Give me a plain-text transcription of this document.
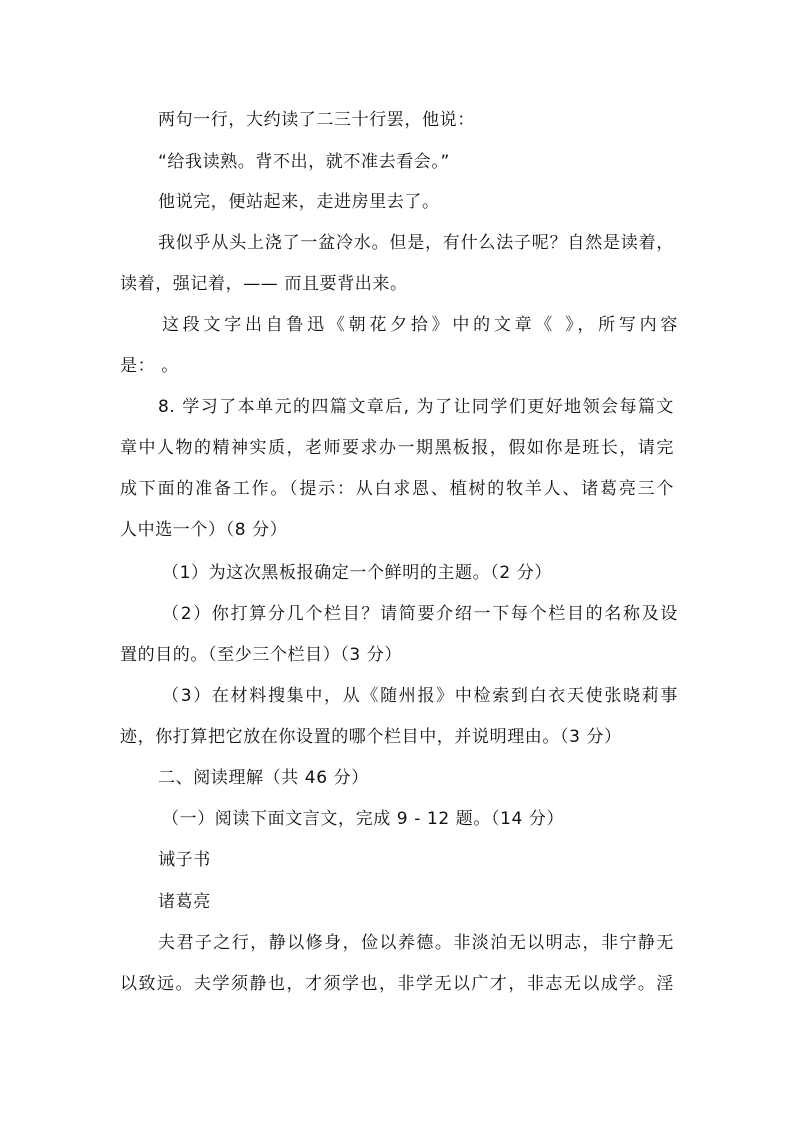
两句一行，大约读了二三十行罢，他说：
“给我读熟。背不出，就不准去看会。”
他说完，便站起来，走进房里去了。
我似乎从头上浇了一盆冷水。但是，有什么法子呢？自然是读着，
读着，强记着，—— 而且要背出来。
这段文字出自鲁迅《朝花夕拾》中的文章《 》，所写内容
是： 。
8. 学习了本单元的四篇文章后, 为了让同学们更好地领会每篇文
章中人物的精神实质，老师要求办一期黑板报，假如你是班长，请完
成下面的准备工作。（提示：从白求恩、植树的牧羊人、诸葛亮三个
人中选一个）（8 分）
（1）为这次黑板报确定一个鲜明的主题。（2 分）
（2）你打算分几个栏目？请简要介绍一下每个栏目的名称及设
置的目的。（至少三个栏目）（3 分）
（3）在材料搜集中，从《随州报》中检索到白衣天使张晓莉事
迹，你打算把它放在你设置的哪个栏目中，并说明理由。（3 分）
二、阅读理解（共 46 分）
（一）阅读下面文言文，完成 9 - 12 题。（14 分）
诫子书
诸葛亮
夫君子之行，静以修身，俭以养德。非淡泊无以明志，非宁静无
以致远。夫学须静也，才须学也，非学无以广才，非志无以成学。淫
